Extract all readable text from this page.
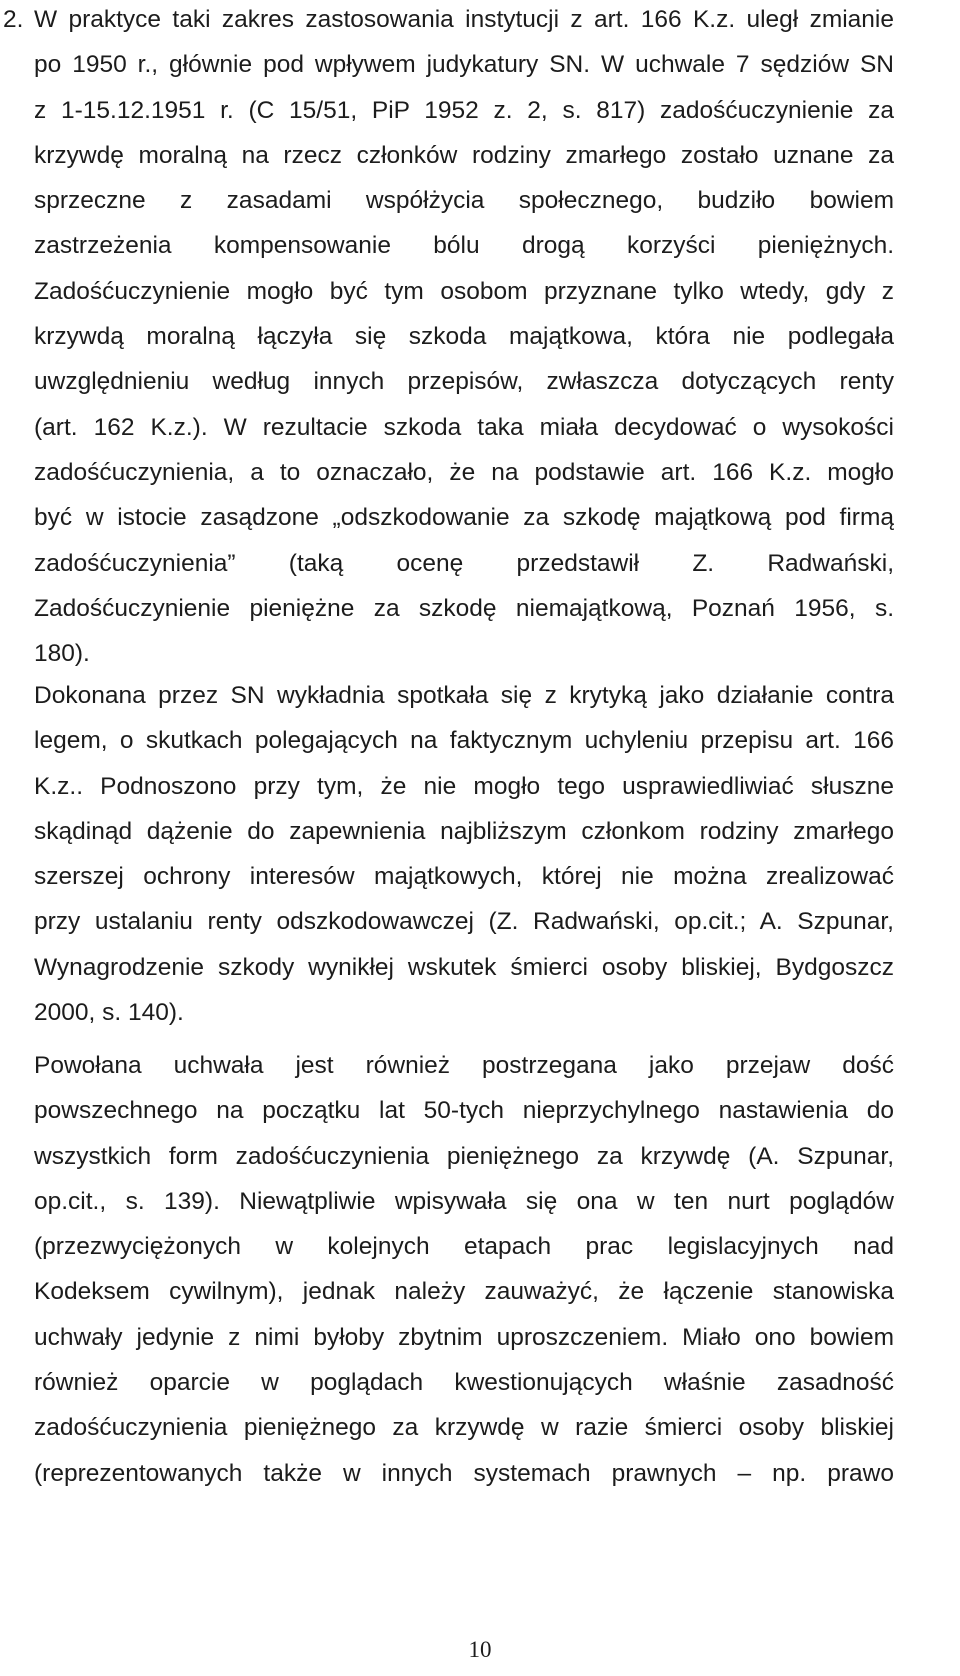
2. W praktyce taki zakres zastosowania instytucji z art. 166 K.z. uległ zmianie
po 1950 r., głównie pod wpływem judykatury SN. W uchwale 7 sędziów SN
z 1-15.12.1951 r. (C 15/51, PiP 1952 z. 2, s. 817) zadośćuczynienie za
krzywdę moralną na rzecz członków rodziny zmarłego zostało uznane za
sprzeczne z zasadami współżycia społecznego, budziło bowiem
zastrzeżenia kompensowanie bólu drogą korzyści pieniężnych.
Zadośćuczynienie mogło być tym osobom przyznane tylko wtedy, gdy z
krzywdą moralną łączyła się szkoda majątkowa, która nie podlegała
uwzględnieniu według innych przepisów, zwłaszcza dotyczących renty
(art. 162 K.z.). W rezultacie szkoda taka miała decydować o wysokości
zadośćuczynienia, a to oznaczało, że na podstawie art. 166 K.z. mogło
być w istocie zasądzone „odszkodowanie za szkodę majątkową pod firmą
zadośćuczynienia” (taką ocenę przedstawił Z. Radwański,
Zadośćuczynienie pieniężne za szkodę niemajątkową, Poznań 1956, s.
180).
Dokonana przez SN wykładnia spotkała się z krytyką jako działanie contra
legem, o skutkach polegających na faktycznym uchyleniu przepisu art. 166
K.z.. Podnoszono przy tym, że nie mogło tego usprawiedliwiać słuszne
skądinąd dążenie do zapewnienia najbliższym członkom rodziny zmarłego
szerszej ochrony interesów majątkowych, której nie można zrealizować
przy ustalaniu renty odszkodowawczej (Z. Radwański, op.cit.; A. Szpunar,
Wynagrodzenie szkody wynikłej wskutek śmierci osoby bliskiej, Bydgoszcz
2000, s. 140).
Powołana uchwała jest również postrzegana jako przejaw dość
powszechnego na początku lat 50-tych nieprzychylnego nastawienia do
wszystkich form zadośćuczynienia pieniężnego za krzywdę (A. Szpunar,
op.cit., s. 139). Niewątpliwie wpisywała się ona w ten nurt poglądów
(przezwyciężonych w kolejnych etapach prac legislacyjnych nad
Kodeksem cywilnym), jednak należy zauważyć, że łączenie stanowiska
uchwały jedynie z nimi byłoby zbytnim uproszczeniem. Miało ono bowiem
również oparcie w poglądach kwestionujących właśnie zasadność
zadośćuczynienia pieniężnego za krzywdę w razie śmierci osoby bliskiej
(reprezentowanych także w innych systemach prawnych – np. prawo
10
